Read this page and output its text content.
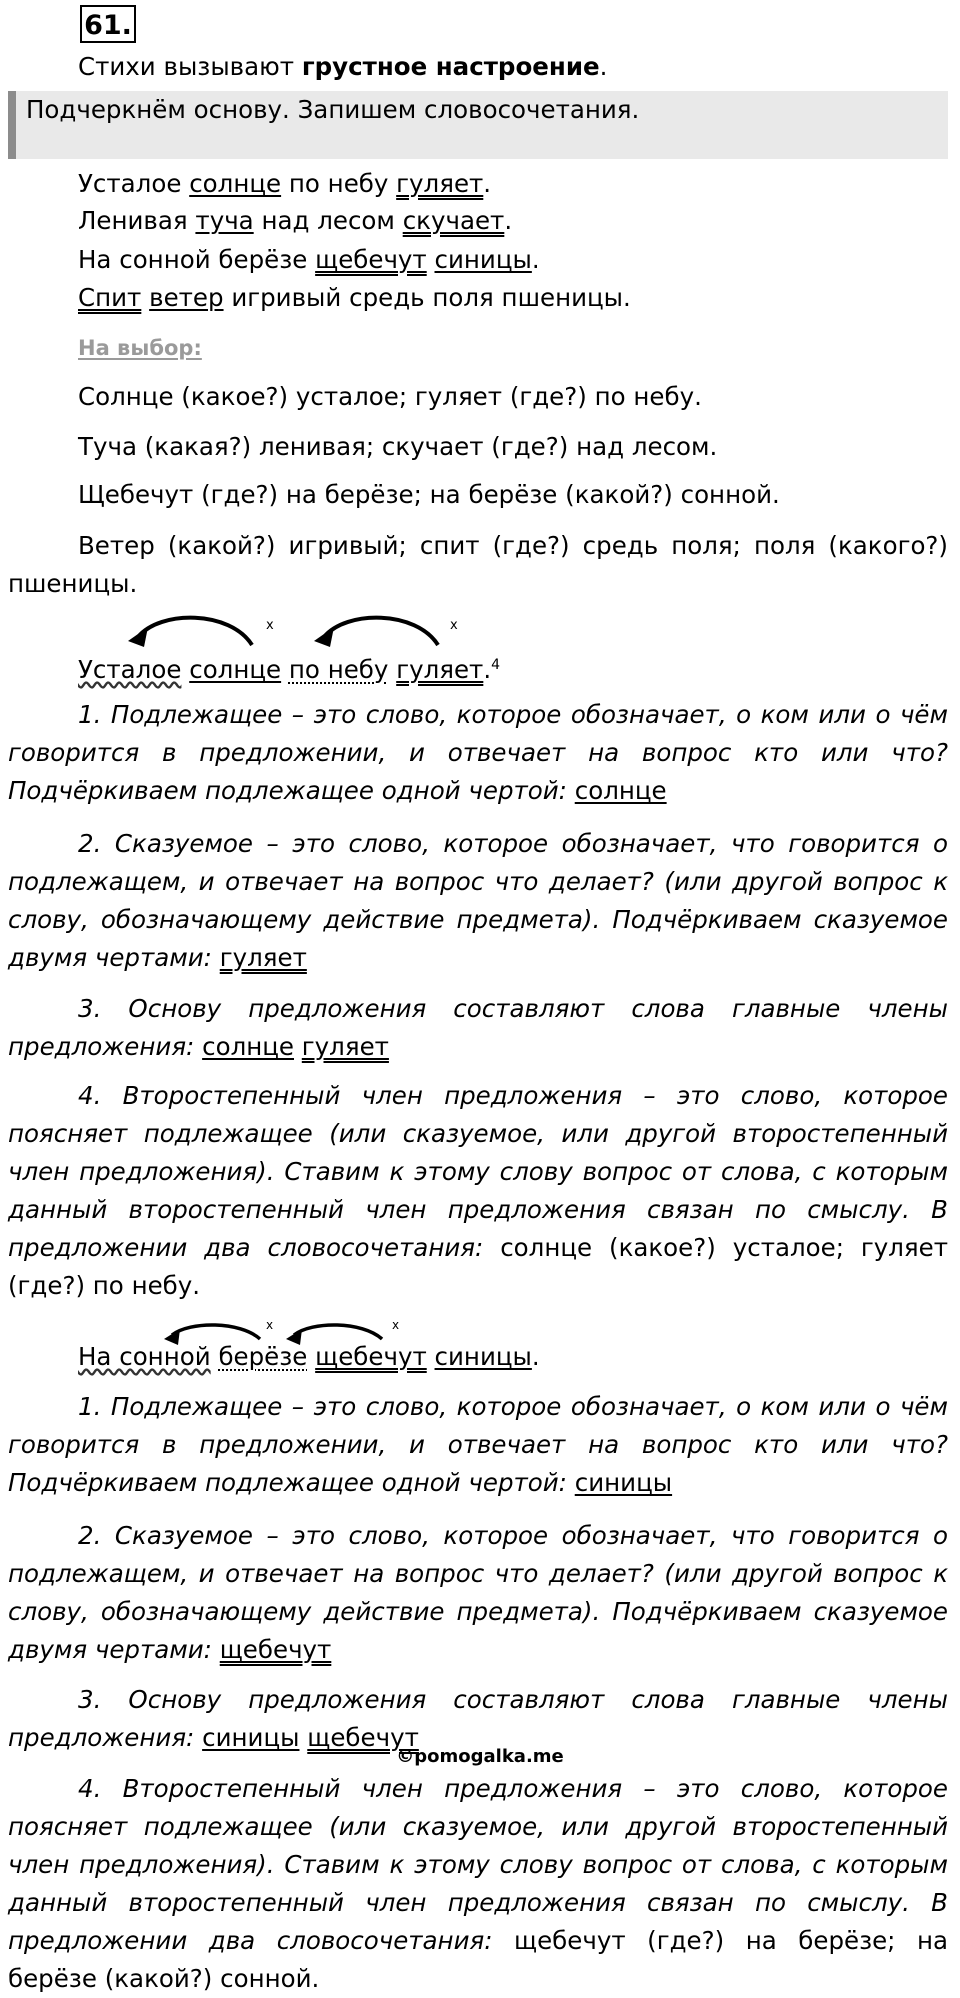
61.
Стихи вызывают грустное настроение.
Подчеркнём основу. Запишем словосочетания.
Усталое солнце по небу гуляет.
Ленивая туча над лесом скучает.
На сонной берёзе щебечут синицы.
Спит ветер игривый средь поля пшеницы.
На выбор:
Солнце (какое?) усталое; гуляет (где?) по небу.
Туча (какая?) ленивая; скучает (где?) над лесом.
Щебечут (где?) на берёзе; на берёзе (какой?) сонной.
Ветер (какой?) игривый; спит (где?) средь поля; поля (какого?) пшеницы.
x	x
Усталое солнце по небу гуляет.$^4$
1. Подлежащее – это слово, которое обозначает, о ком или о чём говорится в предложении, и отвечает на вопрос кто или что? Подчёркиваем подлежащее одной чертой: солнце
2. Сказуемое – это слово, которое обозначает, что говорится о подлежащем, и отвечает на вопрос что делает? (или другой вопрос к слову, обозначающему действие предмета). Подчёркиваем сказуемое двумя чертами: гуляет
3. Основу предложения составляют слова главные члены предложения: солнце гуляет
4. Второстепенный член предложения – это слово, которое поясняет подлежащее (или сказуемое, или другой второстепенный член предложения). Ставим к этому слову вопрос от слова, с которым данный второстепенный член предложения связан по смыслу. В предложении два словосочетания: солнце (какое?) усталое; гуляет (где?) по небу.
x	x
На сонной берёзе щебечут синицы.
1. Подлежащее – это слово, которое обозначает, о ком или о чём говорится в предложении, и отвечает на вопрос кто или что? Подчёркиваем подлежащее одной чертой: синицы
2. Сказуемое – это слово, которое обозначает, что говорится о подлежащем, и отвечает на вопрос что делает? (или другой вопрос к слову, обозначающему действие предмета). Подчёркиваем сказуемое двумя чертами: щебечут
3. Основу предложения составляют слова главные члены предложения: синицы щебечут
©pomogalka.me
4. Второстепенный член предложения – это слово, которое поясняет подлежащее (или сказуемое, или другой второстепенный член предложения). Ставим к этому слову вопрос от слова, с которым данный второстепенный член предложения связан по смыслу. В предложении два словосочетания: щебечут (где?) на берёзе; на берёзе (какой?) сонной.
